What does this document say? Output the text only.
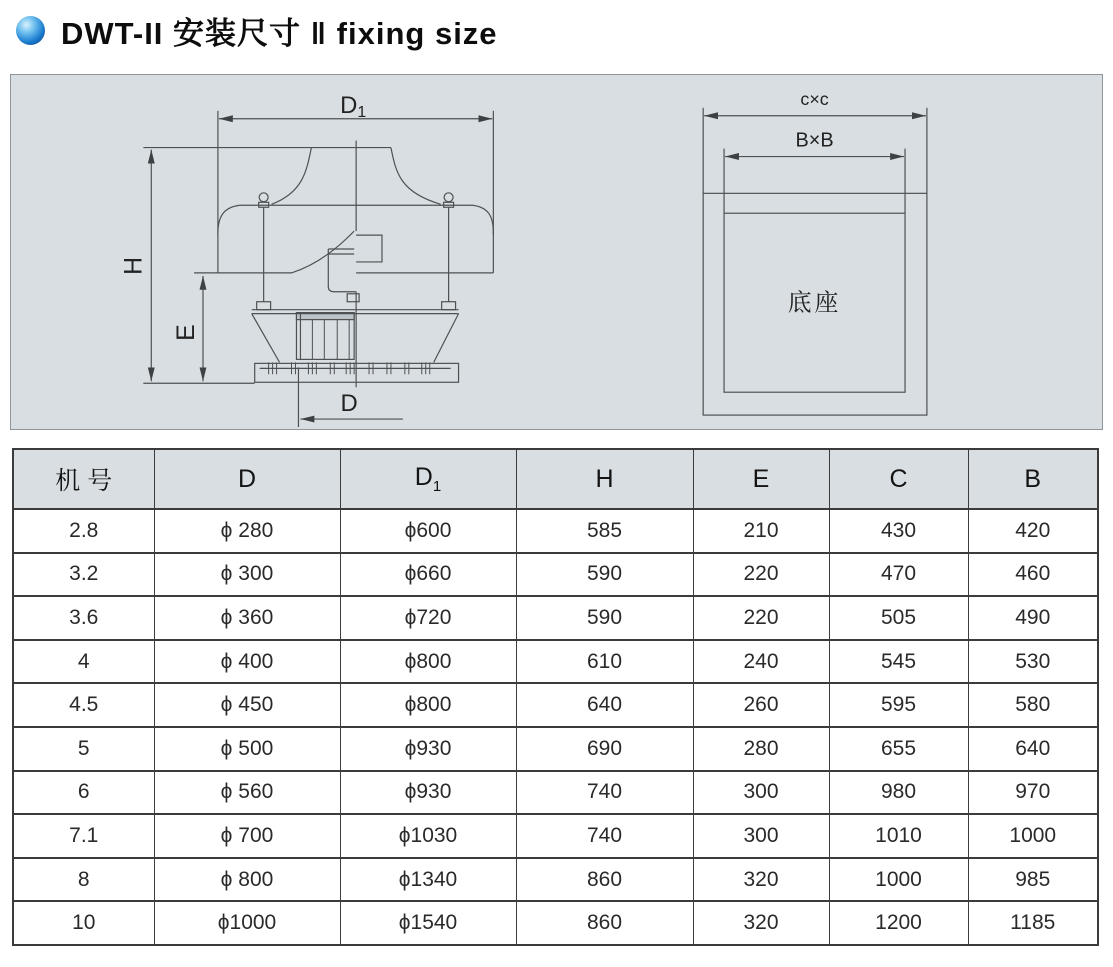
DWT-II 安装尺寸 ‖ fixing size
D1
H
E
D
c×c
B×B
底座
机 号	D	$D_1$	H	E	C	B
2.8	ϕ 280	ϕ600	585	210	430	420
3.2	ϕ 300	ϕ660	590	220	470	460
3.6	ϕ 360	ϕ720	590	220	505	490
4	ϕ 400	ϕ800	610	240	545	530
4.5	ϕ 450	ϕ800	640	260	595	580
5	ϕ 500	ϕ930	690	280	655	640
6	ϕ 560	ϕ930	740	300	980	970
7.1	ϕ 700	ϕ1030	740	300	1010	1000
8	ϕ 800	ϕ1340	860	320	1000	985
10	ϕ1000	ϕ1540	860	320	1200	1185
